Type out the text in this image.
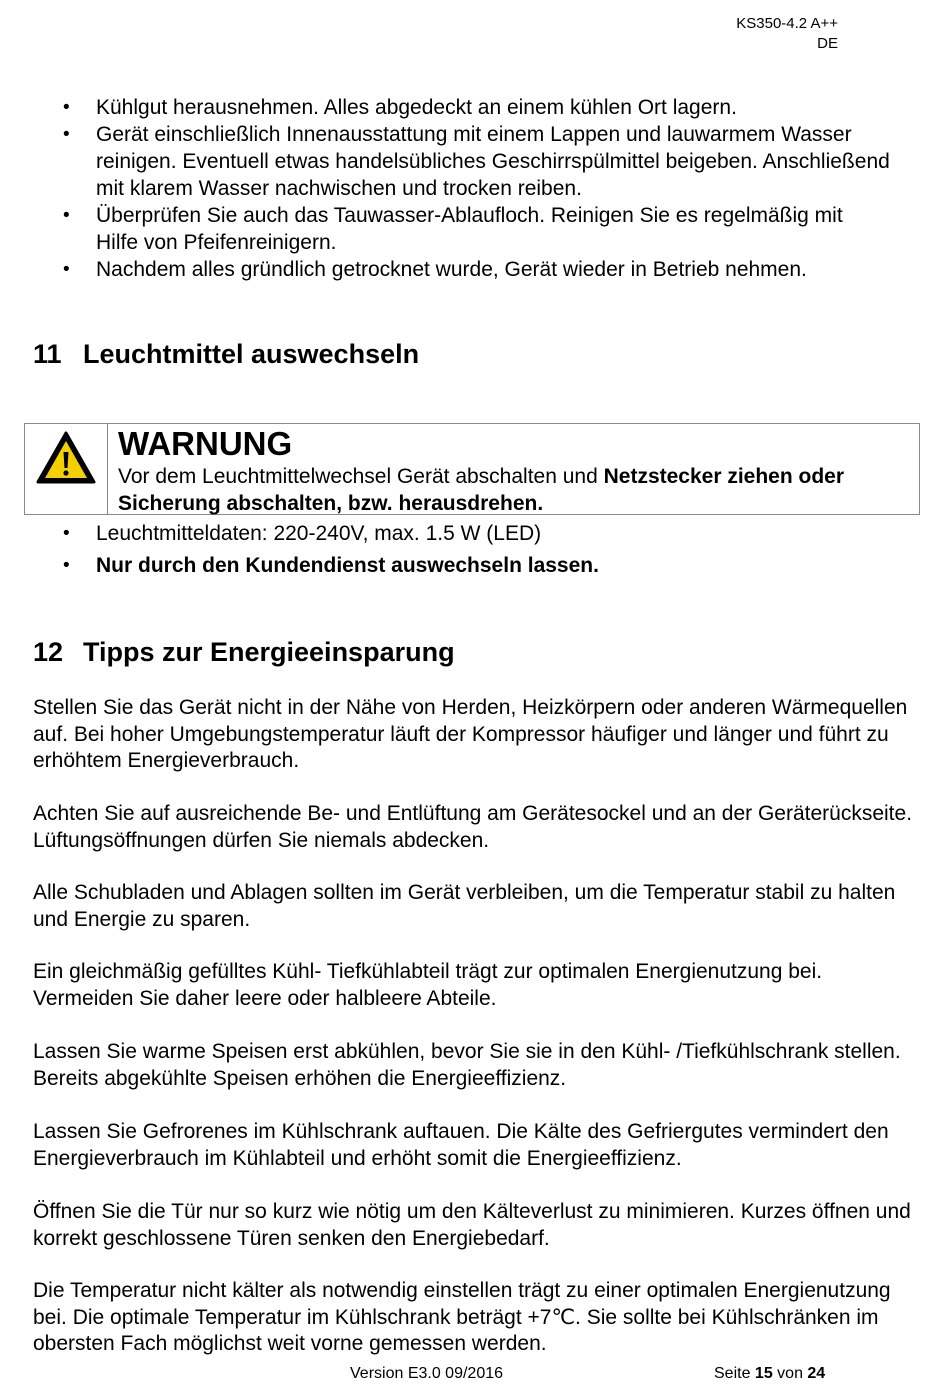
KS350-4.2 A++
DE
• Kühlgut herausnehmen. Alles abgedeckt an einem kühlen Ort lagern.
• Gerät einschließlich Innenausstattung mit einem Lappen und lauwarmem Wasser reinigen. Eventuell etwas handelsübliches Geschirrspülmittel beigeben. Anschließend mit klarem Wasser nachwischen und trocken reiben.
• Überprüfen Sie auch das Tauwasser-Ablaufloch. Reinigen Sie es regelmäßig mit Hilfe von Pfeifenreinigern.
• Nachdem alles gründlich getrocknet wurde, Gerät wieder in Betrieb nehmen.
11 Leuchtmittel auswechseln
WARNUNG
Vor dem Leuchtmittelwechsel Gerät abschalten und Netzstecker ziehen oder Sicherung abschalten, bzw. herausdrehen.
• Leuchtmitteldaten: 220-240V, max. 1.5 W (LED)
• Nur durch den Kundendienst auswechseln lassen.
12 Tipps zur Energieeinsparung

Stellen Sie das Gerät nicht in der Nähe von Herden, Heizkörpern oder anderen Wärmequellen auf. Bei hoher Umgebungstemperatur läuft der Kompressor häufiger und länger und führt zu erhöhtem Energieverbrauch.

Achten Sie auf ausreichende Be- und Entlüftung am Gerätesockel und an der Geräterückseite. Lüftungsöffnungen dürfen Sie niemals abdecken.

Alle Schubladen und Ablagen sollten im Gerät verbleiben, um die Temperatur stabil zu halten und Energie zu sparen.

Ein gleichmäßig gefülltes Kühl- Tiefkühlabteil trägt zur optimalen Energienutzung bei. Vermeiden Sie daher leere oder halbleere Abteile.

Lassen Sie warme Speisen erst abkühlen, bevor Sie sie in den Kühl- /Tiefkühlschrank stellen. Bereits abgekühlte Speisen erhöhen die Energieeffizienz.

Lassen Sie Gefrorenes im Kühlschrank auftauen. Die Kälte des Gefriergutes vermindert den Energieverbrauch im Kühlabteil und erhöht somit die Energieeffizienz.

Öffnen Sie die Tür nur so kurz wie nötig um den Kälteverlust zu minimieren. Kurzes öffnen und korrekt geschlossene Türen senken den Energiebedarf.

Die Temperatur nicht kälter als notwendig einstellen trägt zu einer optimalen Energienutzung bei. Die optimale Temperatur im Kühlschrank beträgt +7℃. Sie sollte bei Kühlschränken im obersten Fach möglichst weit vorne gemessen werden.

Version E3.0 09/2016	Seite 15 von 24
